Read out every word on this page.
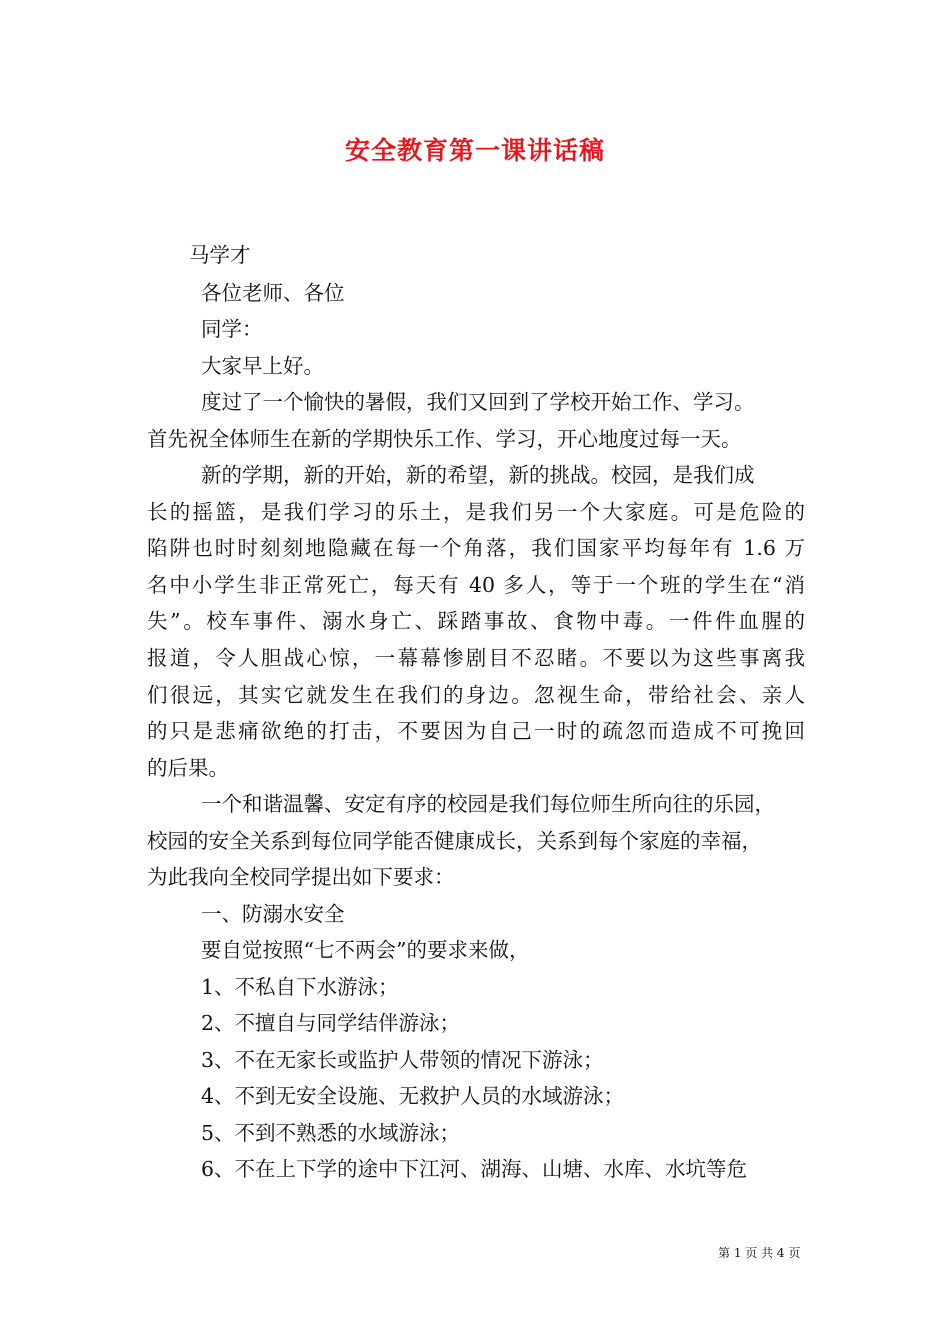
安全教育第一课讲话稿
马学才
各位老师、各位
同学：
大家早上好。
度过了一个愉快的暑假，我们又回到了学校开始工作、学习。
首先祝全体师生在新的学期快乐工作、学习，开心地度过每一天。
新的学期，新的开始，新的希望，新的挑战。校园，是我们成
长的摇篮，是我们学习的乐土，是我们另一个大家庭。可是危险的
陷阱也时时刻刻地隐藏在每一个角落，我们国家平均每年有 1.6 万
名中小学生非正常死亡，每天有 40 多人，等于一个班的学生在“消
失”。校车事件、溺水身亡、踩踏事故、食物中毒。一件件血腥的
报道，令人胆战心惊，一幕幕惨剧目不忍睹。不要以为这些事离我
们很远，其实它就发生在我们的身边。忽视生命，带给社会、亲人
的只是悲痛欲绝的打击，不要因为自己一时的疏忽而造成不可挽回
的后果。
一个和谐温馨、安定有序的校园是我们每位师生所向往的乐园，
校园的安全关系到每位同学能否健康成长，关系到每个家庭的幸福，
为此我向全校同学提出如下要求：
一、防溺水安全
要自觉按照“七不两会”的要求来做，
1、不私自下水游泳；
2、不擅自与同学结伴游泳；
3、不在无家长或监护人带领的情况下游泳；
4、不到无安全设施、无救护人员的水域游泳；
5、不到不熟悉的水域游泳；
6、不在上下学的途中下江河、湖海、山塘、水库、水坑等危
第 1 页 共 4 页
